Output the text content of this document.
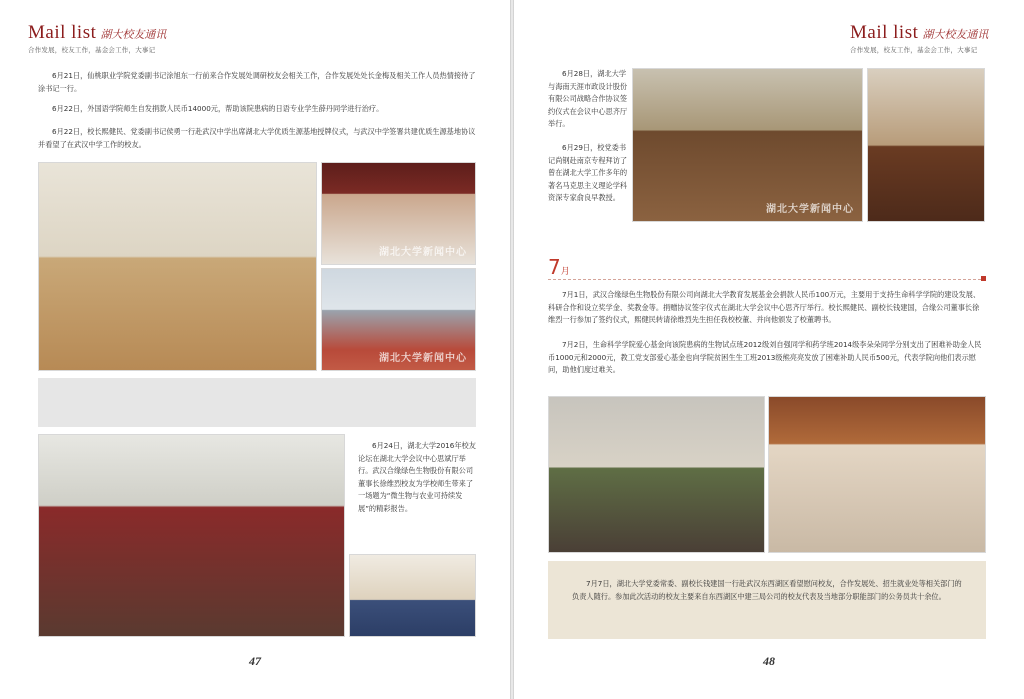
Mail list 湖大校友通讯
合作发展，校友工作，基金会工作，大事记

6月21日，仙桃职业学院党委副书记涂旭东一行前来合作发展处调研校友会相关工作，合作发展处处长金梅及相关工作人员热情接待了涂书记一行。

6月22日，外国语学院师生自发捐款人民币14000元，帮助该院患病的日语专业学生薛丹同学进行治疗。

6月22日，校长熙健民、党委副书记侯勇一行赴武汉中学出席湖北大学优质生源基地授牌仪式，与武汉中学签署共建优质生源基地协议并看望了在武汉中学工作的校友。

湖北大学新闻中心
湖北大学新闻中心

6月24日，湖北大学2016年校友论坛在湖北大学会议中心思斌厅举行。武汉合缘绿色生物股份有限公司董事长徐维烈校友为学校师生带来了一场题为“微生物与农业可持续发展”的精彩报告。

47
Mail list 湖大校友通讯
合作发展，校友工作，基金会工作，大事记

6月28日，湖北大学与海南天涯市政设计股份有限公司战略合作协议签约仪式在会议中心思齐厅举行。

6月29日，校党委书记尚钢赴南京专程拜访了曾在湖北大学工作多年的著名马克思主义理论学科资深专家俞良早教授。

湖北大学新闻中心
48
7月

7月1日，武汉合缘绿色生物股份有限公司向湖北大学教育发展基金会捐款人民币100万元，主要用于支持生命科学学院的建设发展、科研合作和设立奖学金、奖教金等。捐赠协议签字仪式在湖北大学会议中心思齐厅举行。校长熙健民、副校长钱建国，合缘公司董事长徐维烈一行参加了签约仪式，熙健民转请徐维烈先生担任我校校董、并向他颁发了校董聘书。

7月2日，生命科学学院爱心基金向该院患病的生物试点班2012级刘自强同学和药学班2014级李朵朵同学分别支出了困难补助金人民币1000元和2000元，教工党支部爱心基金也向学院贫困生生工班2013级熊亮亮发放了困难补助人民币500元，代表学院向他们表示慰问，助他们度过难关。

7月7日，湖北大学党委常委、副校长钱建国一行赴武汉东西湖区看望慰问校友，合作发展处、招生就业处等相关部门的负责人随行。参加此次活动的校友主要来自东西湖区中建三局公司的校友代表及当地部分职能部门的公务员共十余位。
